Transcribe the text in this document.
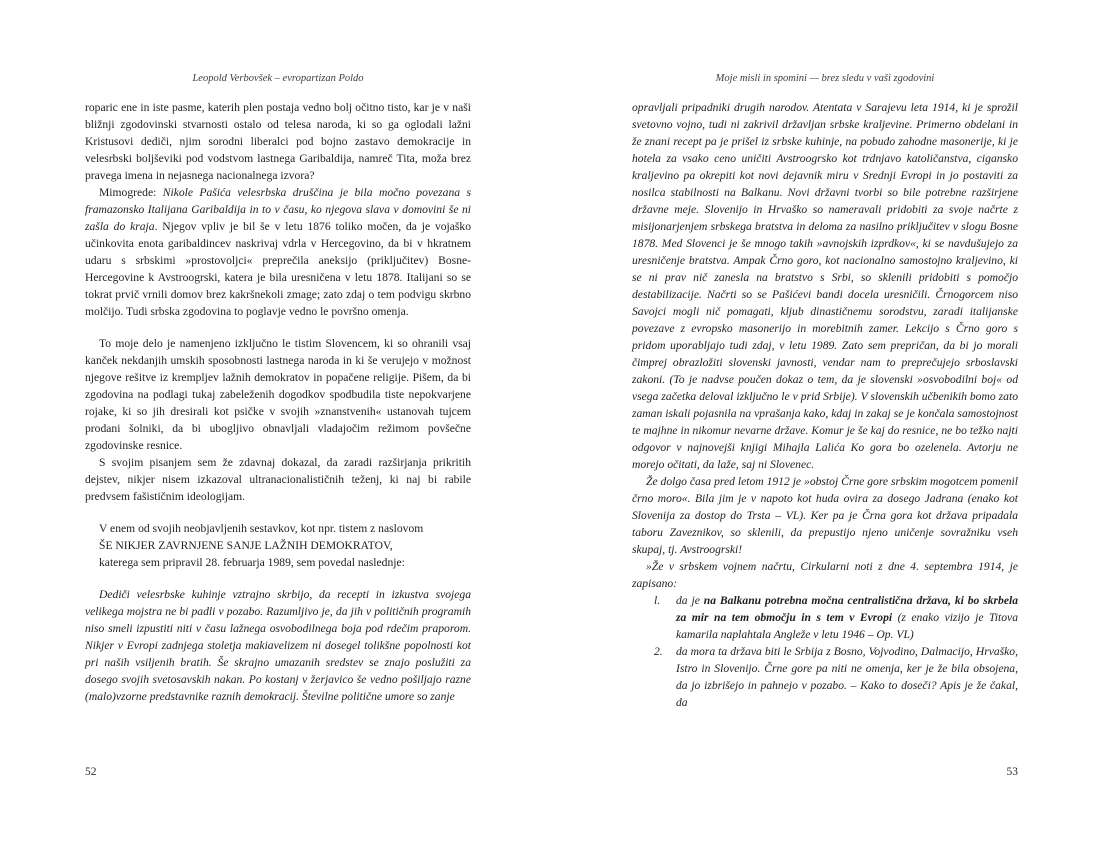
Leopold Verbovšek – evropartizan Poldo
roparic ene in iste pasme, katerih plen postaja vedno bolj očitno tisto, kar je v naši bližnji zgodovinski stvarnosti ostalo od telesa naroda, ki so ga oglodali lažni Kristusovi dediči, njim sorodni liberalci pod bojno zastavo demokracije in velesrbski boljševiki pod vodstvom lastnega Garibaldija, namreč Tita, moža brez pravega imena in nejasnega nacionalnega izvora?
Mimogrede: Nikole Pašića velesrbska druščina je bila močno povezana s framazonsko Italijana Garibaldija in to v času, ko njegova slava v domovini še ni zašla do kraja. Njegov vpliv je bil še v letu 1876 toliko močen, da je vojaško učinkovita enota garibaldincev naskrivaj vdrla v Hercegovino, da bi v hkratnem udaru s srbskimi »prostovoljci« preprečila aneksijo (priključitev) Bosne-Hercegovine k Avstroogrski, katera je bila uresničena v letu 1878. Italijani so se tokrat prvič vrnili domov brez kakršnekoli zmage; zato zdaj o tem podvigu skrbno molčijo. Tudi srbska zgodovina to poglavje vedno le površno omenja.
To moje delo je namenjeno izključno le tistim Slovencem, ki so ohranili vsaj kanček nekdanjih umskih sposobnosti lastnega naroda in ki še verujejo v možnost njegove rešitve iz krempljev lažnih demokratov in popačene religije. Pišem, da bi zgodovina na podlagi tukaj zabeleženih dogodkov spodbudila tiste nepokvarjene rojake, ki so jih dresirali kot psičke v svojih »znanstvenih« ustanovah tujcem prodani šolniki, da bi ubogljivo obnavljali vladajočim režimom povšečne zgodovinske resnice.
S svojim pisanjem sem že zdavnaj dokazal, da zaradi razširjanja prikritih dejstev, nikjer nisem izkazoval ultranacionalističnih teženj, ki naj bi rabile predvsem fašističnim ideologijam.
V enem od svojih neobjavljenih sestavkov, kot npr. tistem z naslovom
ŠE NIKJER ZAVRNJENE SANJE LAŽNIH DEMOKRATOV,
katerega sem pripravil 28. februarja 1989, sem povedal naslednje:
Dediči velesrbske kuhinje vztrajno skrbijo, da recepti in izkustva svojega velikega mojstra ne bi padli v pozabo. Razumljivo je, da jih v političnih programih niso smeli izpustiti niti v času lažnega osvobodilnega boja pod rdečim praporom. Nikjer v Evropi zadnjega stoletja makiavelizem ni dosegel tolikšne popolnosti kot pri naših vsiljenih bratih. Še skrajno umazanih sredstev se znajo poslužiti za dosego svojih svetosavskih nakan. Po kostanj v žerjavico še vedno pošiljajo razne (malo)vzorne predstavnike raznih demokracij. Številne politične umore so zanje
52
Moje misli in spomini — brez sledu v vaši zgodovini
opravljali pripadniki drugih narodov. Atentata v Sarajevu leta 1914, ki je sprožil svetovno vojno, tudi ni zakrivil državljan srbske kraljevine. Primerno obdelani in že znani recept pa je prišel iz srbske kuhinje, na pobudo zahodne masonerije, ki je hotela za vsako ceno uničiti Avstroogrsko kot trdnjavo katoličanstva, cigansko kraljevino pa okrepiti kot novi dejavnik miru v Srednji Evropi in jo postaviti za nosilca stabilnosti na Balkanu. Novi državni tvorbi so bile potrebne razširjene državne meje. Slovenijo in Hrvaško so nameravali pridobiti za svoje načrte z misijonarjenjem srbskega bratstva in deloma za nasilno priključitev v slogu Bosne 1878. Med Slovenci je še mnogo takih »avnojskih izprdkov«, ki se navdušujejo za uresničenje bratstva. Ampak Črno goro, kot nacionalno samostojno kraljevino, ki se ni prav nič zanesla na bratstvo s Srbi, so sklenili pridobiti s pomočjo destabilizacije. Načrti so se Pašićevi bandi docela uresničili. Črnogorcem niso Savojci mogli nič pomagati, kljub dinastičnemu sorodstvu, zaradi italijanske povezave z evropsko masonerijo in morebitnih zamer. Lekcijo s Črno goro s pridom uporabljajo tudi zdaj, v letu 1989. Zato sem prepričan, da bi jo morali čimprej obrazložiti slovenski javnosti, vendar nam to preprečujejo srboslavski zakoni. (To je nadvse poučen dokaz o tem, da je slovenski »osvobodilni boj« od vsega začetka deloval izključno le v prid Srbije). V slovenskih učbenikih bomo zato zaman iskali pojasnila na vprašanja kako, kdaj in zakaj se je končala samostojnost te majhne in nikomur nevarne države. Komur je še kaj do resnice, ne bo težko najti odgovor v najnovejši knjigi Mihajla Lalića Ko gora bo ozelenela. Avtorju ne morejo očitati, da laže, saj ni Slovenec.
Že dolgo časa pred letom 1912 je »obstoj Črne gore srbskim mogotcem pomenil črno moro«. Bila jim je v napoto kot huda ovira za dosego Jadrana (enako kot Slovenija za dostop do Trsta – VL). Ker pa je Črna gora kot država pripadala taboru Zaveznikov, so sklenili, da prepustijo njeno uničenje sovražniku vseh skupaj, tj. Avstroogrski!
»Že v srbskem vojnem načrtu, Cirkularni noti z dne 4. septembra 1914, je zapisano:
l. da je na Balkanu potrebna močna centralistična država, ki bo skrbela za mir na tem območju in s tem v Evropi (z enako vizijo je Titova kamarila naplahtala Angleže v letu 1946 – Op. VL)
2. da mora ta država biti le Srbija z Bosno, Vojvodino, Dalmacijo, Hrvaško, Istro in Slovenijo. Črne gore pa niti ne omenja, ker je že bila obsojena, da jo izbrišejo in pahnejo v pozabo. – Kako to doseči? Apis je že čakal, da
53
